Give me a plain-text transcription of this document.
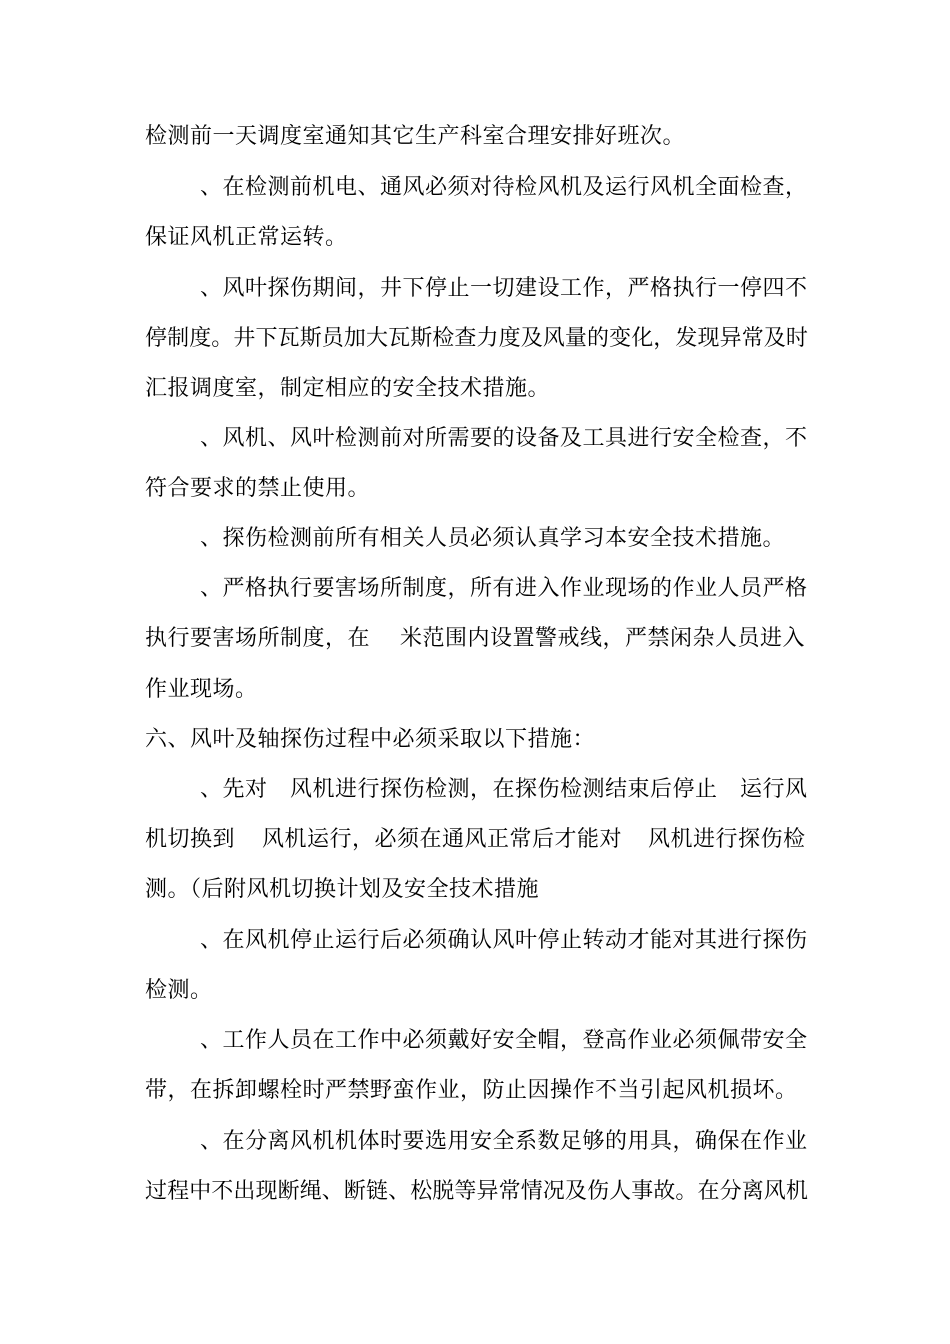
检测前一天调度室通知其它生产科室合理安排好班次。
、在检测前机电、通风必须对待检风机及运行风机全面检查，
保证风机正常运转。
、风叶探伤期间，井下停止一切建设工作，严格执行一停四不
停制度。井下瓦斯员加大瓦斯检查力度及风量的变化，发现异常及时
汇报调度室，制定相应的安全技术措施。
、风机、风叶检测前对所需要的设备及工具进行安全检查，不
符合要求的禁止使用。
、探伤检测前所有相关人员必须认真学习本安全技术措施。
、严格执行要害场所制度，所有进入作业现场的作业人员严格
执行要害场所制度，在 米范围内设置警戒线，严禁闲杂人员进入
作业现场。
六、风叶及轴探伤过程中必须采取以下措施：
、先对 风机进行探伤检测，在探伤检测结束后停止 运行风
机切换到 风机运行，必须在通风正常后才能对 风机进行探伤检
测。（后附风机切换计划及安全技术措施
、在风机停止运行后必须确认风叶停止转动才能对其进行探伤
检测。
、工作人员在工作中必须戴好安全帽，登高作业必须佩带安全
带，在拆卸螺栓时严禁野蛮作业，防止因操作不当引起风机损坏。
、在分离风机机体时要选用安全系数足够的用具，确保在作业
过程中不出现断绳、断链、松脱等异常情况及伤人事故。在分离风机
